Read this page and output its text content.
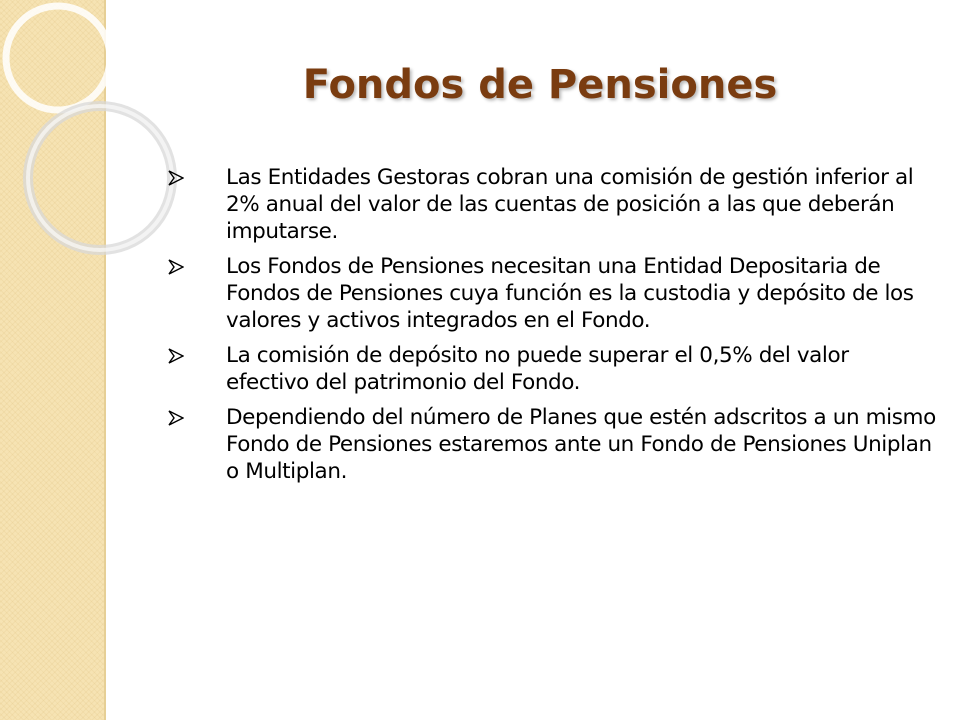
Fondos de Pensiones
Las Entidades Gestoras cobran una comisión de gestión inferior al 2% anual del valor de las cuentas de posición a las que deberán imputarse.
Los Fondos de Pensiones necesitan una Entidad Depositaria de Fondos de Pensiones cuya función es la custodia y depósito de los valores y activos integrados en el Fondo.
La comisión de depósito no puede superar el 0,5% del valor efectivo del patrimonio del Fondo.
Dependiendo del número de Planes que estén adscritos a un mismo Fondo de Pensiones estaremos ante un Fondo de Pensiones Uniplan o Multiplan.
